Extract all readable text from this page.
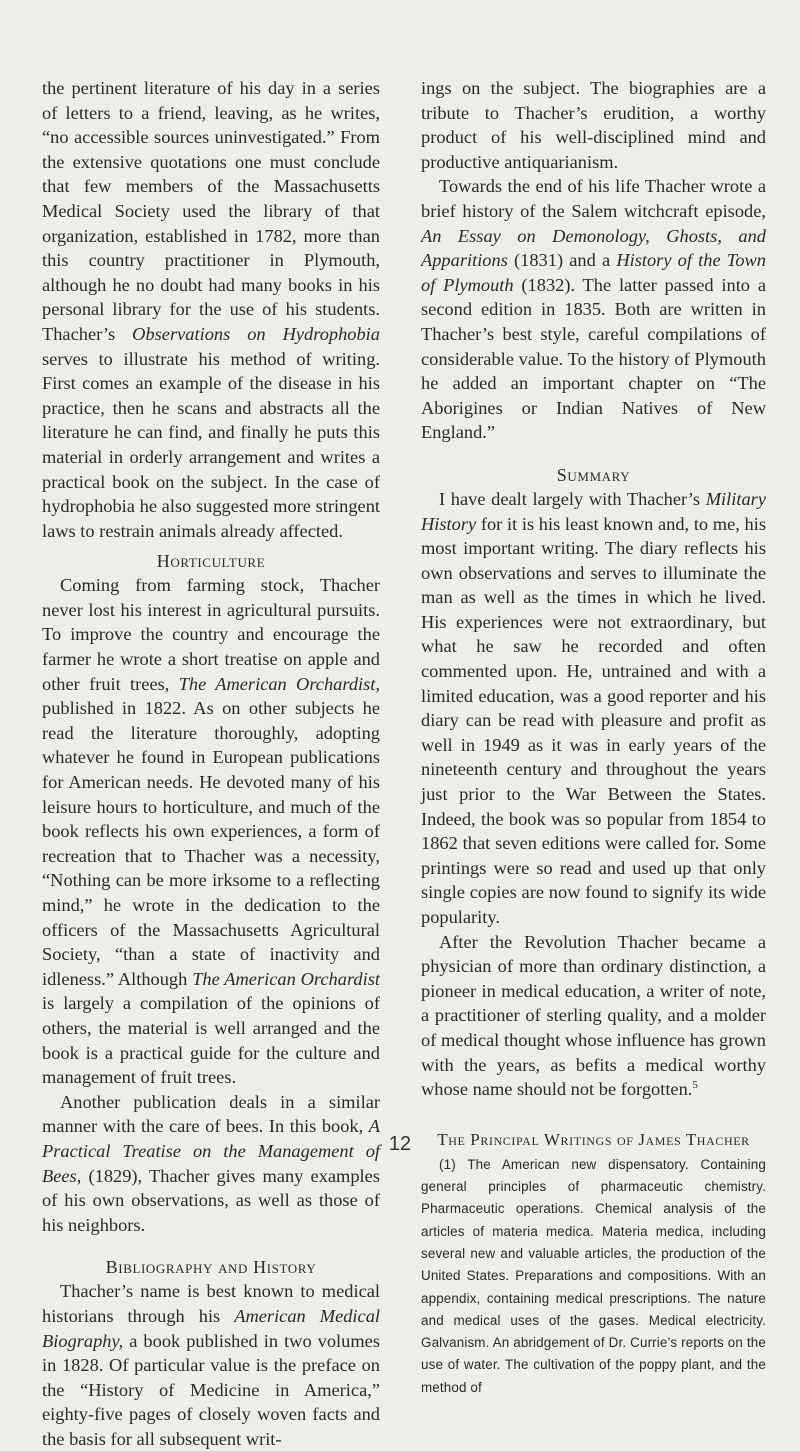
the pertinent literature of his day in a series of letters to a friend, leaving, as he writes, “no accessible sources uninvestigated.” From the extensive quotations one must conclude that few members of the Massachusetts Medical Society used the library of that organization, established in 1782, more than this country practitioner in Plymouth, although he no doubt had many books in his personal library for the use of his students. Thacher’s Observations on Hydrophobia serves to illustrate his method of writing. First comes an example of the disease in his practice, then he scans and abstracts all the literature he can find, and finally he puts this material in orderly arrangement and writes a practical book on the subject. In the case of hydrophobia he also suggested more stringent laws to restrain animals already affected.

Horticulture

Coming from farming stock, Thacher never lost his interest in agricultural pursuits. To improve the country and encourage the farmer he wrote a short treatise on apple and other fruit trees, The American Orchardist, published in 1822. As on other subjects he read the literature thoroughly, adopting whatever he found in European publications for American needs. He devoted many of his leisure hours to horticulture, and much of the book reflects his own experiences, a form of recreation that to Thacher was a necessity, “Nothing can be more irksome to a reflecting mind,” he wrote in the dedication to the officers of the Massachusetts Agricultural Society, “than a state of inactivity and idleness.” Although The American Orchardist is largely a compilation of the opinions of others, the material is well arranged and the book is a practical guide for the culture and management of fruit trees.

Another publication deals in a similar manner with the care of bees. In this book, A Practical Treatise on the Management of Bees, (1829), Thacher gives many examples of his own observations, as well as those of his neighbors.

Bibliography and History

Thacher’s name is best known to medical historians through his American Medical Biography, a book published in two volumes in 1828. Of particular value is the preface on the “History of Medicine in America,” eighty-five pages of closely woven facts and the basis for all subsequent writ-

ings on the subject. The biographies are a tribute to Thacher’s erudition, a worthy product of his well-disciplined mind and productive antiquarianism.

Towards the end of his life Thacher wrote a brief history of the Salem witchcraft episode, An Essay on Demonology, Ghosts, and Apparitions (1831) and a History of the Town of Plymouth (1832). The latter passed into a second edition in 1835. Both are written in Thacher’s best style, careful compilations of considerable value. To the history of Plymouth he added an important chapter on “The Aborigines or Indian Natives of New England.”

Summary

I have dealt largely with Thacher’s Military History for it is his least known and, to me, his most important writing. The diary reflects his own observations and serves to illuminate the man as well as the times in which he lived. His experiences were not extraordinary, but what he saw he recorded and often commented upon. He, untrained and with a limited education, was a good reporter and his diary can be read with pleasure and profit as well in 1949 as it was in early years of the nineteenth century and throughout the years just prior to the War Between the States. Indeed, the book was so popular from 1854 to 1862 that seven editions were called for. Some printings were so read and used up that only single copies are now found to signify its wide popularity.

After the Revolution Thacher became a physician of more than ordinary distinction, a pioneer in medical education, a writer of note, a practitioner of sterling quality, and a molder of medical thought whose influence has grown with the years, as befits a medical worthy whose name should not be forgotten.$^5$

The Principal Writings of James Thacher

(1) The American new dispensatory. Containing general principles of pharmaceutic chemistry. Pharmaceutic operations. Chemical analysis of the articles of materia medica. Materia medica, including several new and valuable articles, the production of the United States. Preparations and compositions. With an appendix, containing medical prescriptions. The nature and medical uses of the gases. Medical electricity. Galvanism. An abridgement of Dr. Currie’s reports on the use of water. The cultivation of the poppy plant, and the method of

12
